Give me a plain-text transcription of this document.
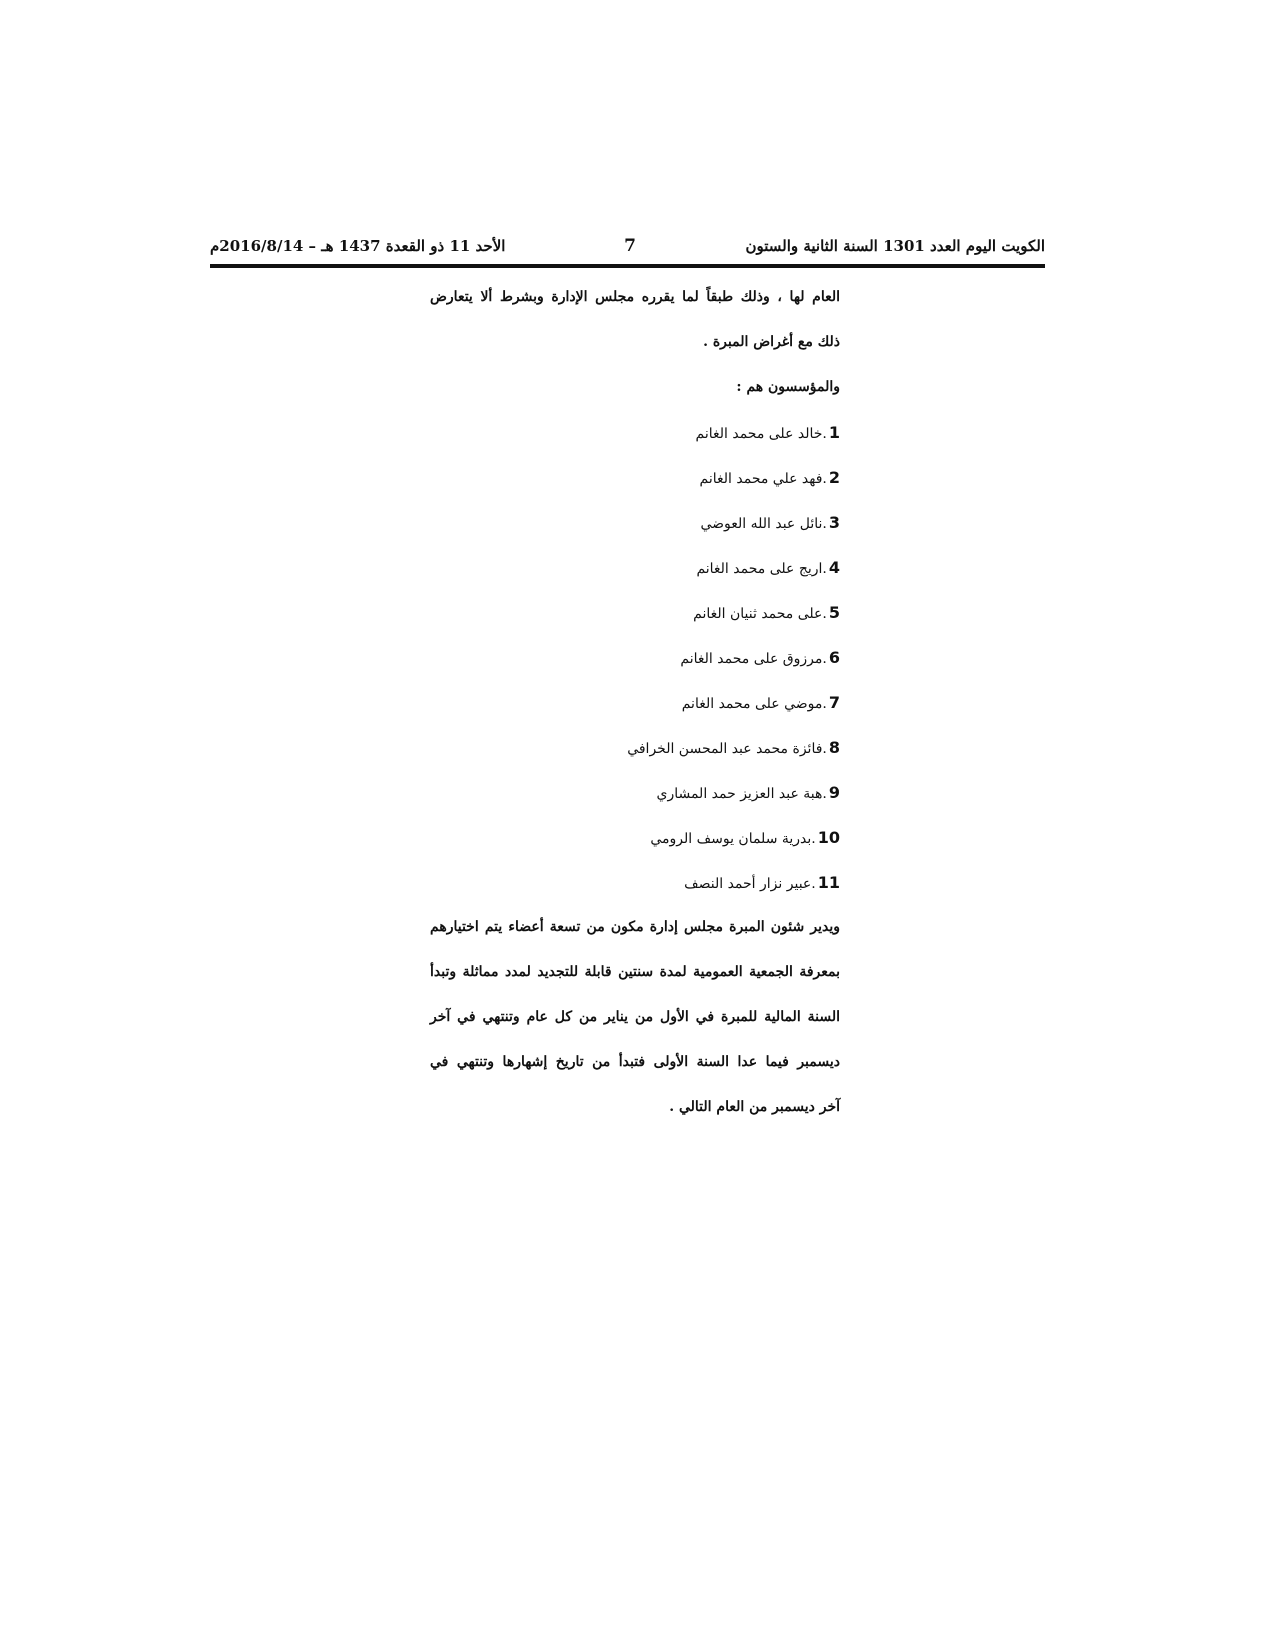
الأحد 11 ذو القعدة 1437 هـ – 2016/8/14م	7	الكويت اليوم العدد 1301 السنة الثانية والستون
العام لها ، وذلك طبقاً لما يقرره مجلس الإدارة وبشرط ألا يتعارض
ذلك مع أغراض المبرة .
والمؤسسون هم :
1.خالد على محمد الغانم
2.فهد علي محمد الغانم
3.نائل عبد الله العوضي
4.اريج على محمد الغانم
5.على محمد ثنيان الغانم
6.مرزوق على محمد الغانم
7.موضي على محمد الغانم
8.فائزة محمد عبد المحسن الخرافي
9.هبة عبد العزيز حمد المشاري
10.بدرية سلمان يوسف الرومي
11.عبير نزار أحمد النصف
ويدير شئون المبرة مجلس إدارة مكون من تسعة أعضاء يتم اختيارهم
بمعرفة الجمعية العمومية لمدة سنتين قابلة للتجديد لمدد مماثلة وتبدأ
السنة المالية للمبرة في الأول من يناير من كل عام وتنتهي في آخر
ديسمبر فيما عدا السنة الأولى فتبدأ من تاريخ إشهارها وتنتهي في
آخر ديسمبر من العام التالي .
